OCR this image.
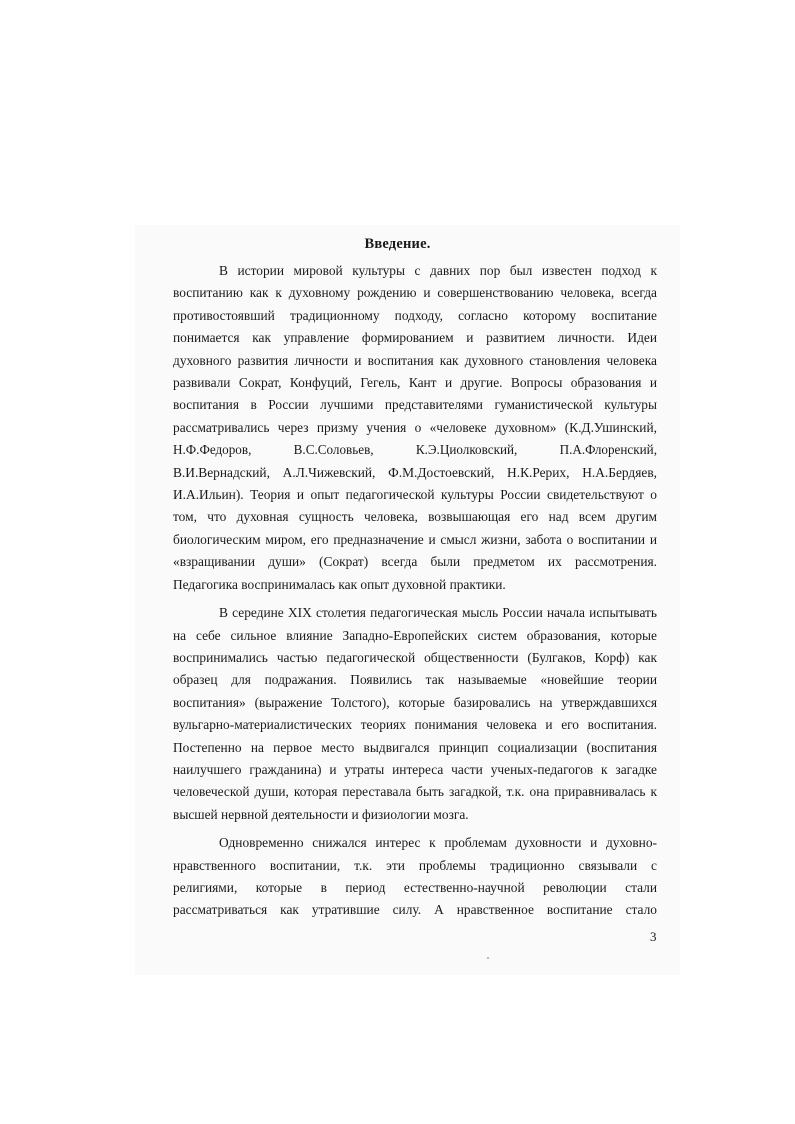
Введение.
В истории мировой культуры с давних пор был известен подход к
воспитанию как к духовному рождению и совершенствованию человека, всегда
противостоявший традиционному подходу, согласно которому воспитание
понимается как управление формированием и развитием личности. Идеи
духовного развития личности и воспитания как духовного становления человека
развивали Сократ, Конфуций, Гегель, Кант и другие. Вопросы образования и
воспитания в России лучшими представителями гуманистической культуры
рассматривались через призму учения о «человеке духовном» (К.Д.Ушинский,
Н.Ф.Федоров, В.С.Соловьев, К.Э.Циолковский, П.А.Флоренский,
В.И.Вернадский, А.Л.Чижевский, Ф.М.Достоевский, Н.К.Рерих, Н.А.Бердяев,
И.А.Ильин). Теория и опыт педагогической культуры России свидетельствуют о
том, что духовная сущность человека, возвышающая его над всем другим
биологическим миром, его предназначение и смысл жизни, забота о воспитании и
«взращивании души» (Сократ) всегда были предметом их рассмотрения.
Педагогика воспринималась как опыт духовной практики.
В середине XIX столетия педагогическая мысль России начала испытывать
на себе сильное влияние Западно-Европейских систем образования, которые
воспринимались частью педагогической общественности (Булгаков, Корф) как
образец для подражания. Появились так называемые «новейшие теории
воспитания» (выражение Толстого), которые базировались на утверждавшихся
вульгарно-материалистических теориях понимания человека и его воспитания.
Постепенно на первое место выдвигался принцип социализации (воспитания
наилучшего гражданина) и утраты интереса части ученых-педагогов к загадке
человеческой души, которая переставала быть загадкой, т.к. она приравнивалась к
высшей нервной деятельности и физиологии мозга.
Одновременно снижался интерес к проблемам духовности и духовно-
нравственного воспитании, т.к. эти проблемы традиционно связывали с
религиями, которые в период естественно-научной революции стали
рассматриваться как утратившие силу. А нравственное воспитание стало
3
